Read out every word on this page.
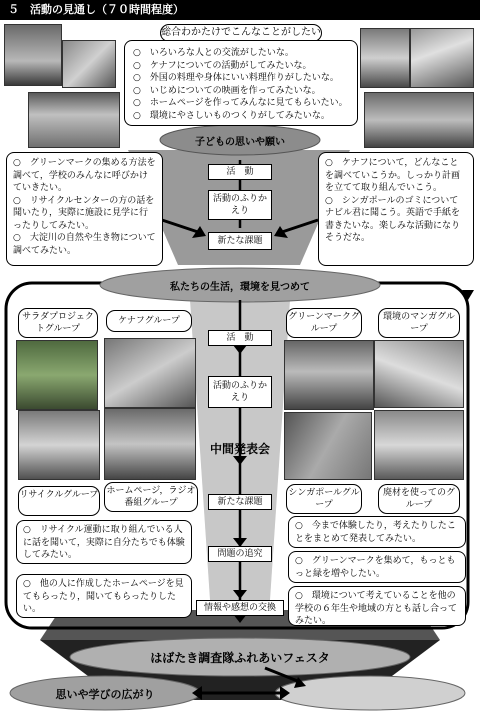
５　活動の見通し（７０時間程度）
総合わかたけでこんなことがしたい
○　いろいろな人との交流がしたいな。
○　ケナフについての活動がしてみたいな。
○　外国の料理や身体にいい料理作りがしたいな。
○　いじめについての映画を作ってみたいな。
○　ホームページを作ってみんなに見てもらいたい。
○　環境にやさしいものつくりがしてみたいな。
子どもの思いや願い
○　グリーンマークの集める方法を調べて，学校のみんなに呼びかけていきたい。
○　リサイクルセンターの方の話を聞いたり，実際に施設に見学に行ったりしてみたい。
○　大淀川の自然や生き物について調べてみたい。
○　ケナフについて，どんなことを調べていこうか。しっかり計画を立てて取り組んでいこう。
○　シンガポールのゴミについてナビル君に聞こう。英語で手紙を書きたいな。楽しみな活動になりそうだな。
活　動
活動のふりかえり
新たな課題
私たちの生活，環境を見つめて
サラダプロジェクトグループ
ケナフグループ	グリーンマークグループ
環境のマンガグループ
活　動
活動のふりかえり
中間発表会
新たな課題
問題の追究
情報や感想の交換
リサイクルグループ ホームページ，ラジオ番組グループ
シンガポールグループ
廃材を使ってのグループ
○　リサイクル運動に取り組んでいる人に話を聞いて，実際に自分たちでも体験してみたい。
○　他の人に作成したホームページを見てもらったり，聞いてもらったりしたい。
○　今まで体験したり，考えたりしたことをまとめて発表してみたい。
○　グリーンマークを集めて，もっともっと緑を増やしたい。
○　環境について考えていることを他の学校の６年生や地域の方とも話し合ってみたい。
はばたき調査隊ふれあいフェスタ
思いや学びの広がり
